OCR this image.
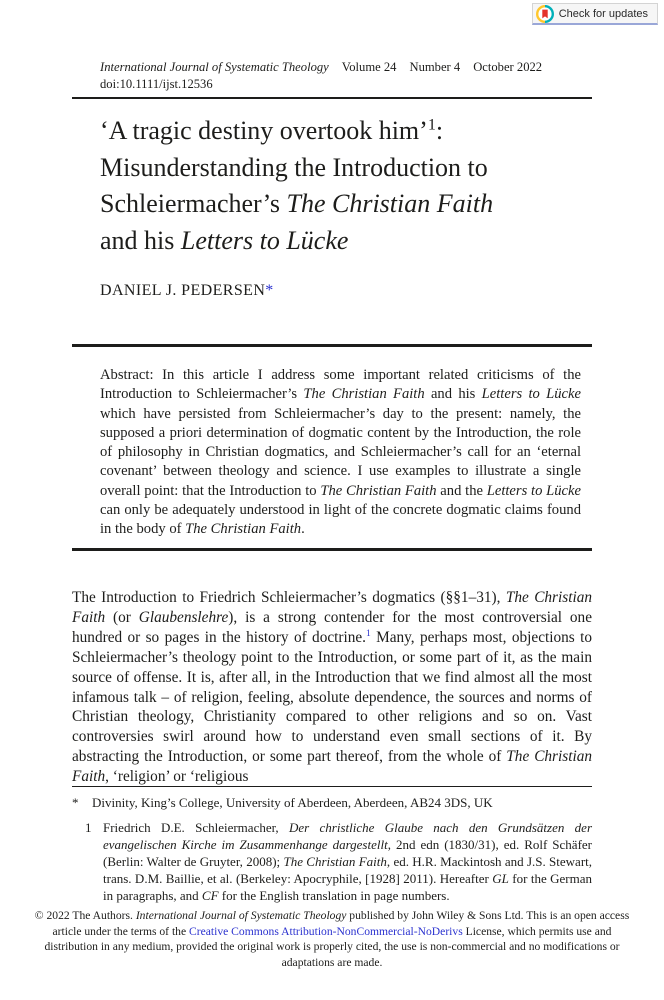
Check for updates
International Journal of Systematic Theology Volume 24 Number 4 October 2022
doi:10.1111/ijst.12536
‘A tragic destiny overtook him’$^1$:
Misunderstanding the Introduction to
Schleiermacher’s The Christian Faith
and his Letters to Lücke
DANIEL J. PEDERSEN*
Abstract: In this article I address some important related criticisms of the Introduction to Schleiermacher’s The Christian Faith and his Letters to Lücke which have persisted from Schleiermacher’s day to the present: namely, the supposed a priori determination of dogmatic content by the Introduction, the role of philosophy in Christian dogmatics, and Schleiermacher’s call for an ‘eternal covenant’ between theology and science. I use examples to illustrate a single overall point: that the Introduction to The Christian Faith and the Letters to Lücke can only be adequately understood in light of the concrete dogmatic claims found in the body of The Christian Faith.
The Introduction to Friedrich Schleiermacher’s dogmatics (§§1–31), The Christian Faith (or Glaubenslehre), is a strong contender for the most controversial one hundred or so pages in the history of doctrine.$^1$ Many, perhaps most, objections to Schleiermacher’s theology point to the Introduction, or some part of it, as the main source of offense. It is, after all, in the Introduction that we find almost all the most infamous talk – of religion, feeling, absolute dependence, the sources and norms of Christian theology, Christianity compared to other religions and so on. Vast controversies swirl around how to understand even small sections of it. By abstracting the Introduction, or some part thereof, from the whole of The Christian Faith, ‘religion’ or ‘religious
*	Divinity, King’s College, University of Aberdeen, Aberdeen, AB24 3DS, UK
1 Friedrich D.E. Schleiermacher, Der christliche Glaube nach den Grundsätzen der evangelischen Kirche im Zusammenhange dargestellt, 2nd edn (1830/31), ed. Rolf Schäfer (Berlin: Walter de Gruyter, 2008); The Christian Faith, ed. H.R. Mackintosh and J.S. Stewart, trans. D.M. Baillie, et al. (Berkeley: Apocryphile, [1928] 2011). Hereafter GL for the German in paragraphs, and CF for the English translation in page numbers.
© 2022 The Authors. International Journal of Systematic Theology published by John Wiley & Sons Ltd. This is an open access article under the terms of the Creative Commons Attribution-NonCommercial-NoDerivs License, which permits use and distribution in any medium, provided the original work is properly cited, the use is non-commercial and no modifications or adaptations are made.
